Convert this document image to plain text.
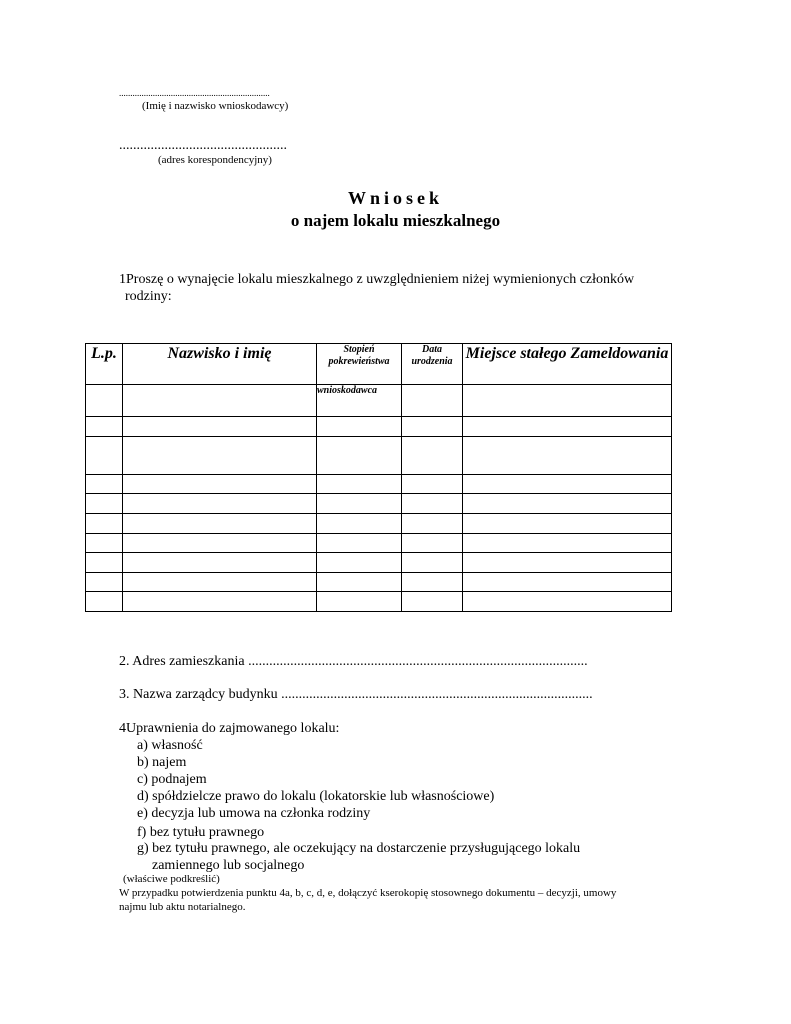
...................................................................
(Imię i nazwisko wnioskodawcy)
................................................
(adres korespondencyjny)
Wniosek
o najem lokalu mieszkalnego
1Proszę o wynajęcie lokalu mieszkalnego z uwzględnieniem niżej wymienionych członków
rodziny:
L.p.	Nazwisko i imię	Stopień pokrewieństwa	Data urodzenia	Miejsce stałego Zameldowania
		wnioskodawca		

2. Adres zamieszkania .................................................................................................
3. Nazwa zarządcy budynku .........................................................................................
4Uprawnienia do zajmowanego lokalu:
a) własność
b) najem
c) podnajem
d) spółdzielcze prawo do lokalu (lokatorskie lub własnościowe)
e) decyzja lub umowa na członka rodziny
f) bez tytułu prawnego
g) bez tytułu prawnego, ale oczekujący na dostarczenie przysługującego lokalu
zamiennego lub socjalnego
(właściwe podkreślić)
W przypadku potwierdzenia punktu 4a, b, c, d, e, dołączyć kserokopię stosownego dokumentu – decyzji, umowy
najmu lub aktu notarialnego.
